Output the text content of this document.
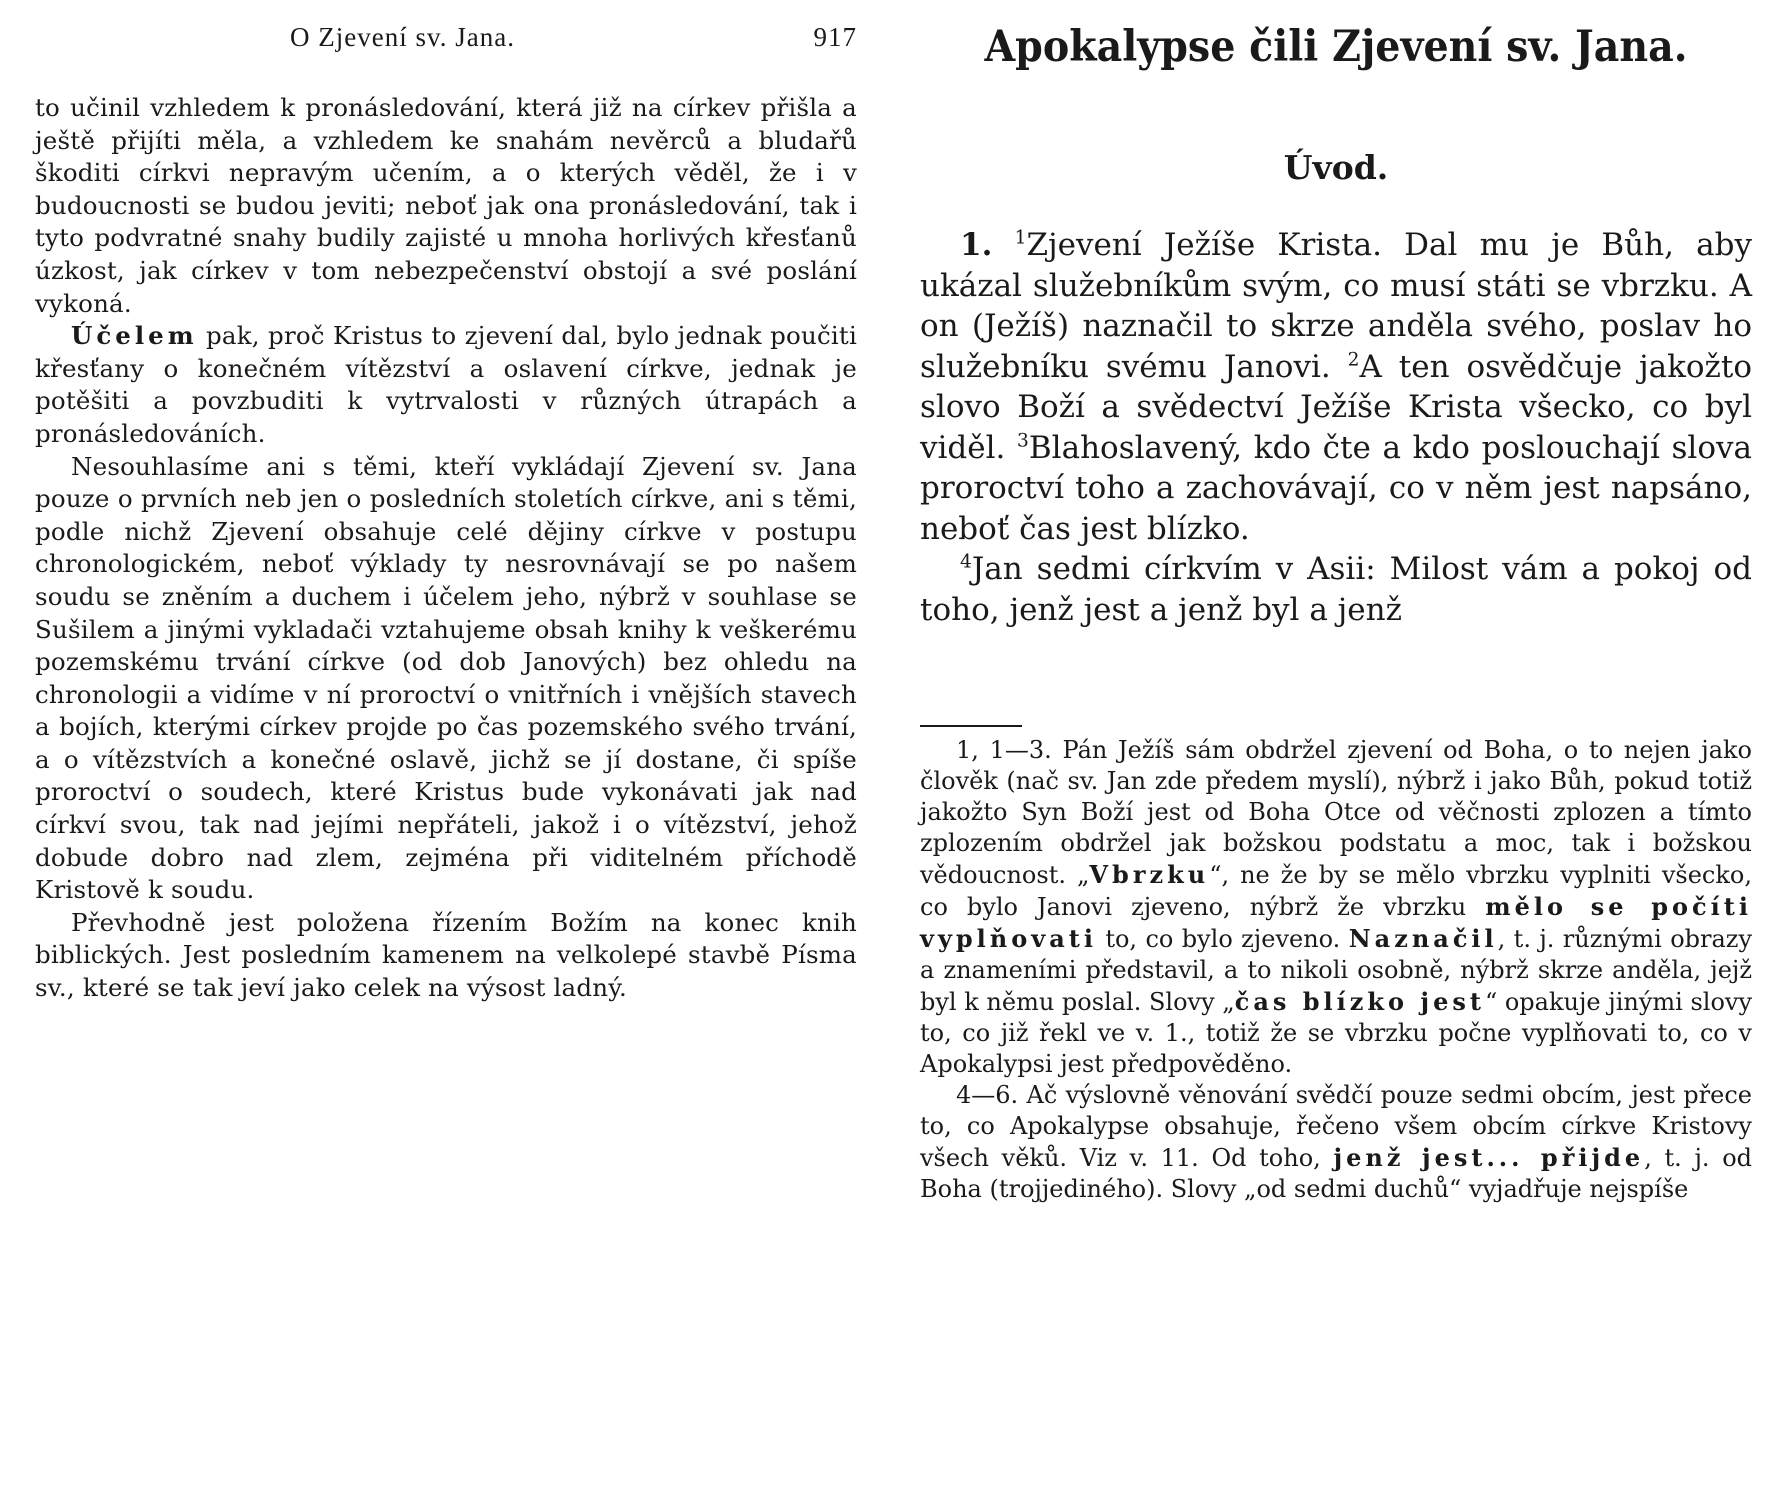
O Zjevení sv. Jana.	917

to učinil vzhledem k pronásledování, která již na církev přišla a ještě přijíti měla, a vzhledem ke snahám nevěrců a bludařů škoditi církvi nepravým učením, a o kterých věděl, že i v budoucnosti se budou jeviti; neboť jak ona pronásledování, tak i tyto podvratné snahy budily zajisté u mnoha horlivých křesťanů úzkost, jak církev v tom nebezpečenství obstojí a své poslání vykoná.

Účelem pak, proč Kristus to zjevení dal, bylo jednak poučiti křesťany o konečném vítězství a oslavení církve, jednak je potěšiti a povzbuditi k vytrvalosti v různých útrapách a pronásledováních.

Nesouhlasíme ani s těmi, kteří vykládají Zjevení sv. Jana pouze o prvních neb jen o posledních stoletích církve, ani s těmi, podle nichž Zjevení obsahuje celé dějiny církve v postupu chronologickém, neboť výklady ty nesrovnávají se po našem soudu se zněním a duchem i účelem jeho, nýbrž v souhlase se Sušilem a jinými vykladači vztahujeme obsah knihy k veškerému pozemskému trvání církve (od dob Janových) bez ohledu na chronologii a vidíme v ní proroctví o vnitřních i vnějších stavech a bojích, kterými církev projde po čas pozemského svého trvání, a o vítězstvích a konečné oslavě, jichž se jí dostane, či spíše proroctví o soudech, které Kristus bude vykonávati jak nad církví svou, tak nad jejími nepřáteli, jakož i o vítězství, jehož dobude dobro nad zlem, zejména při viditelném příchodě Kristově k soudu.

Převhodně jest položena řízením Božím na konec knih biblických. Jest posledním kamenem na velkolepé stavbě Písma sv., které se tak jeví jako celek na výsost ladný.

Apokalypse čili Zjevení sv. Jana.
Úvod.

1. $^1$Zjevení Ježíše Krista. Dal mu je Bůh, aby ukázal služebníkům svým, co musí státi se vbrzku. A on (Ježíš) naznačil to skrze anděla svého, poslav ho služebníku svému Janovi. $^2$A ten osvědčuje jakožto slovo Boží a svědectví Ježíše Krista všecko, co byl viděl. $^3$Blahoslavený, kdo čte a kdo poslouchají slova proroctví toho a zachovávají, co v něm jest napsáno, neboť čas jest blízko.

$^4$Jan sedmi církvím v Asii: Milost vám a pokoj od toho, jenž jest a jenž byl a jenž

1, 1—3. Pán Ježíš sám obdržel zjevení od Boha, o to nejen jako člověk (nač sv. Jan zde předem myslí), nýbrž i jako Bůh, pokud totiž jakožto Syn Boží jest od Boha Otce od věčnosti zplozen a tímto zplozením obdržel jak božskou podstatu a moc, tak i božskou vědoucnost. „Vbrzku“, ne že by se mělo vbrzku vyplniti všecko, co bylo Janovi zjeveno, nýbrž že vbrzku mělo se počíti vyplňovati to, co bylo zjeveno. Naznačil, t. j. různými obrazy a znameními představil, a to nikoli osobně, nýbrž skrze anděla, jejž byl k němu poslal. Slovy „čas blízko jest“ opakuje jinými slovy to, co již řekl ve v. 1., totiž že se vbrzku počne vyplňovati to, co v Apokalypsi jest předpověděno.

4—6. Ač výslovně věnování svědčí pouze sedmi obcím, jest přece to, co Apokalypse obsahuje, řečeno všem obcím církve Kristovy všech věků. Viz v. 11. Od toho, jenž jest... přijde, t. j. od Boha (trojjediného). Slovy „od sedmi duchů“ vyjadřuje nejspíše
